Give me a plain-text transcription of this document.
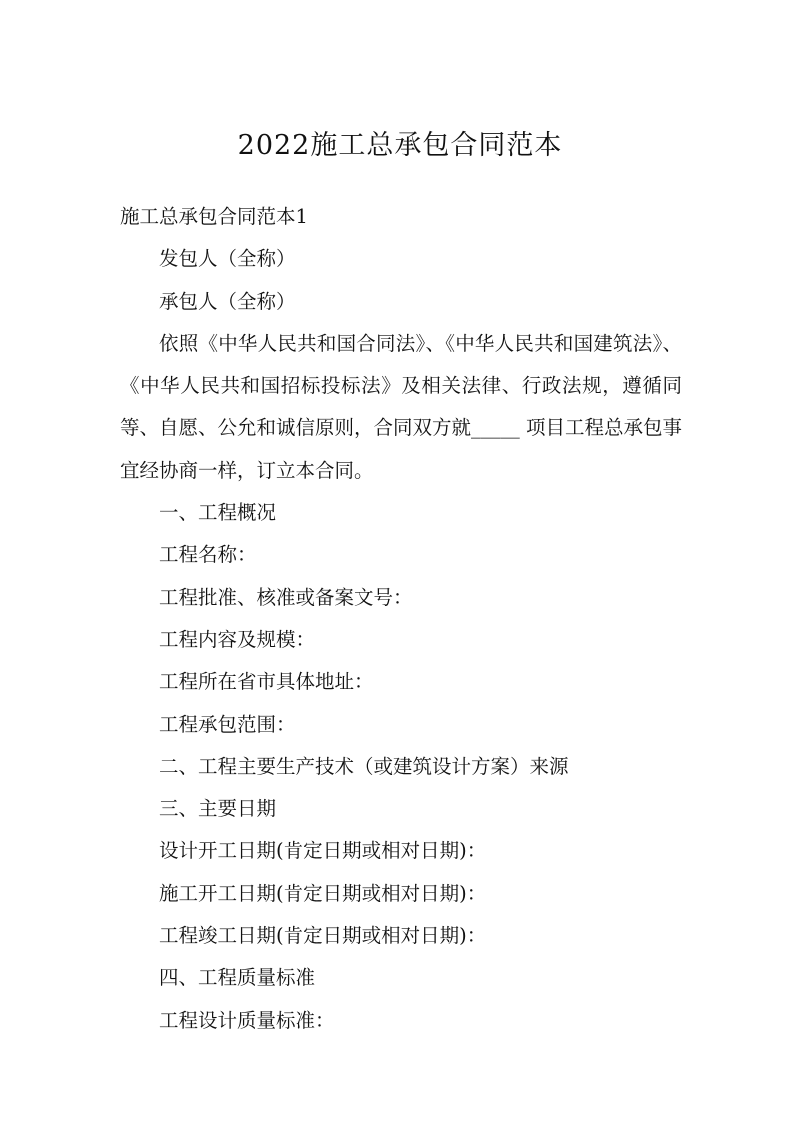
2022施工总承包合同范本

施工总承包合同范本1

发包人（全称）

承包人（全称）

依照《中华人民共和国合同法》、《中华人民共和国建筑法》、《中华人民共和国招标投标法》及相关法律、行政法规，遵循同等、自愿、公允和诚信原则，合同双方就_____ 项目工程总承包事宜经协商一样，订立本合同。

一、工程概况

工程名称：

工程批准、核准或备案文号：

工程内容及规模：

工程所在省市具体地址：

工程承包范围：

二、工程主要生产技术（或建筑设计方案）来源

三、主要日期

设计开工日期(肯定日期或相对日期)：

施工开工日期(肯定日期或相对日期)：

工程竣工日期(肯定日期或相对日期)：

四、工程质量标准

工程设计质量标准：
